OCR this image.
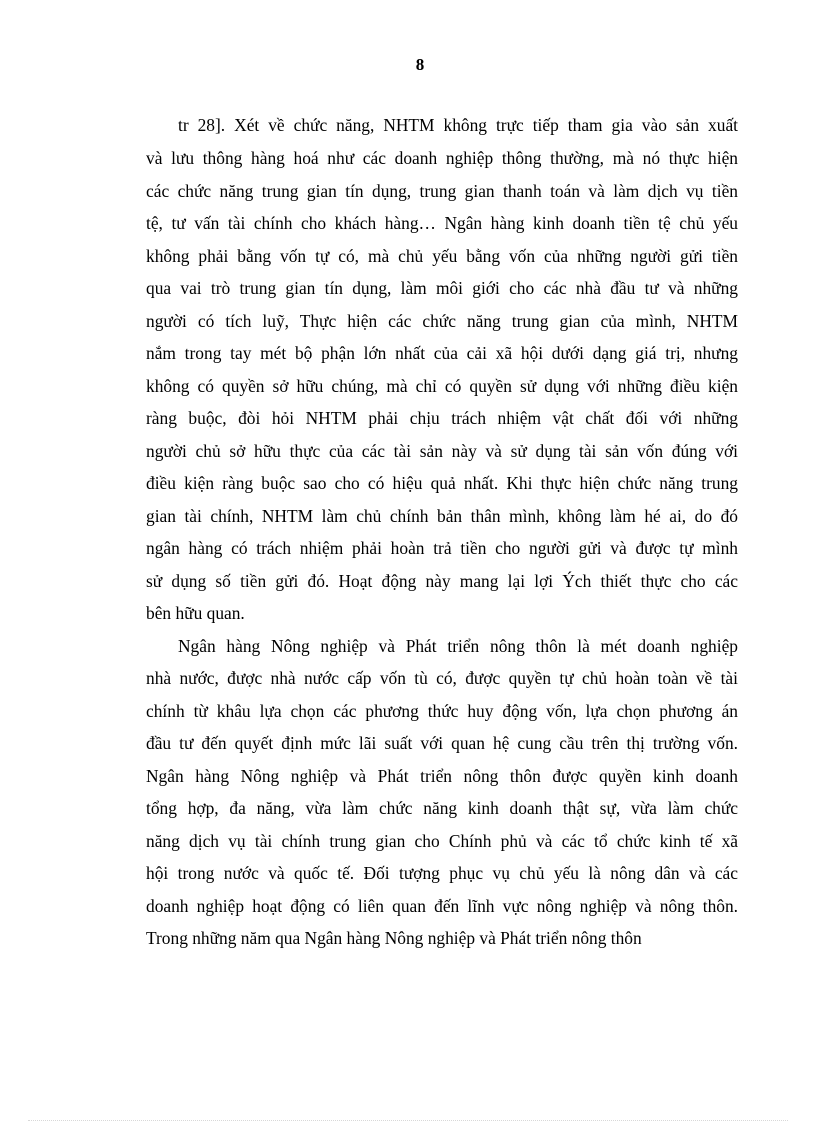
8
tr 28]. Xét về chức năng, NHTM không trực tiếp tham gia vào sản xuất
và lưu thông hàng hoá như các doanh nghiệp thông thường, mà nó thực hiện
các chức năng trung gian tín dụng, trung gian thanh toán và làm dịch vụ tiền
tệ, tư vấn tài chính cho khách hàng… Ngân hàng kinh doanh tiền tệ chủ yếu
không phải bằng vốn tự có, mà chủ yếu bằng vốn của những người gửi tiền
qua vai trò trung gian tín dụng, làm môi giới cho các nhà đầu tư và những
người có tích luỹ, Thực hiện các chức năng trung gian của mình, NHTM
nắm trong tay mét bộ phận lớn nhất của cải xã hội dưới dạng giá trị, nhưng
không có quyền sở hữu chúng, mà chỉ có quyền sử dụng với những điều kiện
ràng buộc, đòi hỏi NHTM phải chịu trách nhiệm vật chất đối với những
người chủ sở hữu thực của các tài sản này và sử dụng tài sản vốn đúng với
điều kiện ràng buộc sao cho có hiệu quả nhất. Khi thực hiện chức năng trung
gian tài chính, NHTM làm chủ chính bản thân mình, không làm hé ai, do đó
ngân hàng có trách nhiệm phải hoàn trả tiền cho người gửi và được tự mình
sử dụng số tiền gửi đó. Hoạt động này mang lại lợi Ých thiết thực cho các
bên hữu quan.
Ngân hàng Nông nghiệp và Phát triển nông thôn là mét doanh nghiệp
nhà nước, được nhà nước cấp vốn tù có, được quyền tự chủ hoàn toàn về tài
chính từ khâu lựa chọn các phương thức huy động vốn, lựa chọn phương án
đầu tư đến quyết định mức lãi suất với quan hệ cung cầu trên thị trường vốn.
Ngân hàng Nông nghiệp và Phát triển nông thôn được quyền kinh doanh
tổng hợp, đa năng, vừa làm chức năng kinh doanh thật sự, vừa làm chức
năng dịch vụ tài chính trung gian cho Chính phủ và các tổ chức kinh tế xã
hội trong nước và quốc tế. Đối tượng phục vụ chủ yếu là nông dân và các
doanh nghiệp hoạt động có liên quan đến lĩnh vực nông nghiệp và nông thôn.
Trong những năm qua Ngân hàng Nông nghiệp và Phát triển nông thôn
